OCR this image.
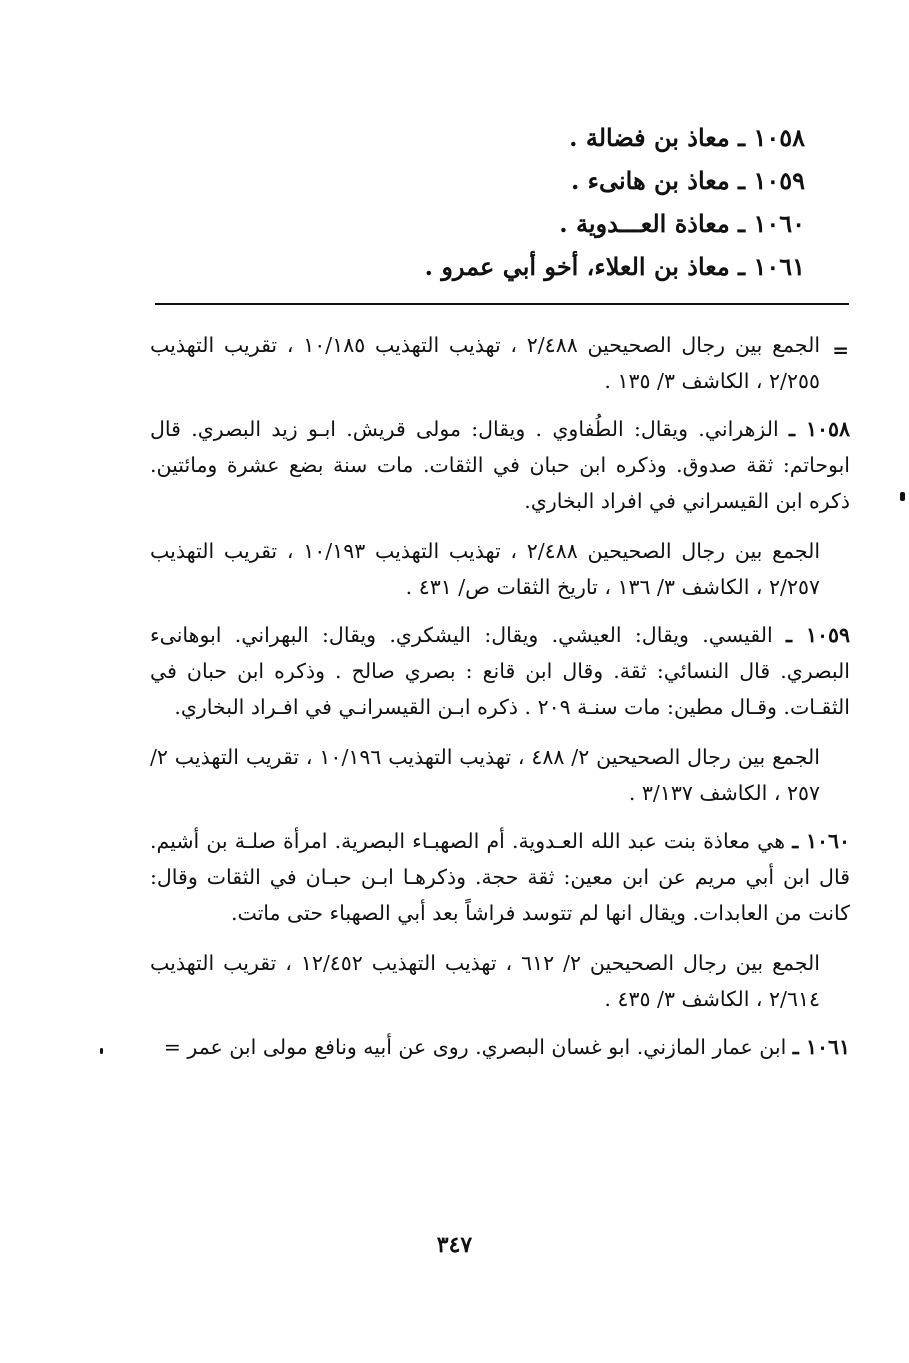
١٠٥٨ ـ معاذ بن فضالة .
١٠٥٩ ـ معاذ بن هانىء .
١٠٦٠ ـ معاذة العـــدوية .
١٠٦١ ـ معاذ بن العلاء، أخو أبي عمرو .
=
الجمع بين رجال الصحيحين ٢/٤٨٨ ، تهذيب التهذيب ١٠/١٨٥ ، تقريب التهذيب ٢/٢٥٥ ، الكاشف ٣/ ١٣٥ .
١٠٥٨ ـ الزهراني. ويقال: الطُفاوي . ويقال: مولى قريش. ابـو زيد البصري. قال ابوحاتم: ثقة صدوق. وذكره ابن حبان في الثقات. مات سنة بضع عشرة ومائتين. ذكره ابن القيسراني في افراد البخاري.
الجمع بين رجال الصحيحين ٢/٤٨٨ ، تهذيب التهذيب ١٠/١٩٣ ، تقريب التهذيب ٢/٢٥٧ ، الكاشف ٣/ ١٣٦ ، تاريخ الثقات ص/ ٤٣١ .
١٠٥٩ ـ القيسي. ويقال: العيشي. ويقال: اليشكري. ويقال: البهراني. ابوهانىء البصري. قال النسائي: ثقة. وقال ابن قانع : بصري صالح . وذكره ابن حبان في الثقـات. وقـال مطين: مات سنـة ٢٠٩ . ذكره ابـن القيسرانـي في افـراد البخاري.
الجمع بين رجال الصحيحين ٢/ ٤٨٨ ، تهذيب التهذيب ١٠/١٩٦ ، تقريب التهذيب ٢/ ٢٥٧ ، الكاشف ٣/١٣٧ .
١٠٦٠ ـ هي معاذة بنت عبد الله العـدوية. أم الصهبـاء البصرية. امرأة صلـة بن أشيم. قال ابن أبي مريم عن ابن معين: ثقة حجة. وذكرهـا ابـن حبـان في الثقات وقال: كانت من العابدات. ويقال انها لم تتوسد فراشاً بعد أبي الصهباء حتى ماتت.
الجمع بين رجال الصحيحين ٢/ ٦١٢ ، تهذيب التهذيب ١٢/٤٥٢ ، تقريب التهذيب ٢/٦١٤ ، الكاشف ٣/ ٤٣٥ .
١٠٦١ ـ ابن عمار المازني. ابو غسان البصري. روى عن أبيه ونافع مولى ابن عمر =
٣٤٧
